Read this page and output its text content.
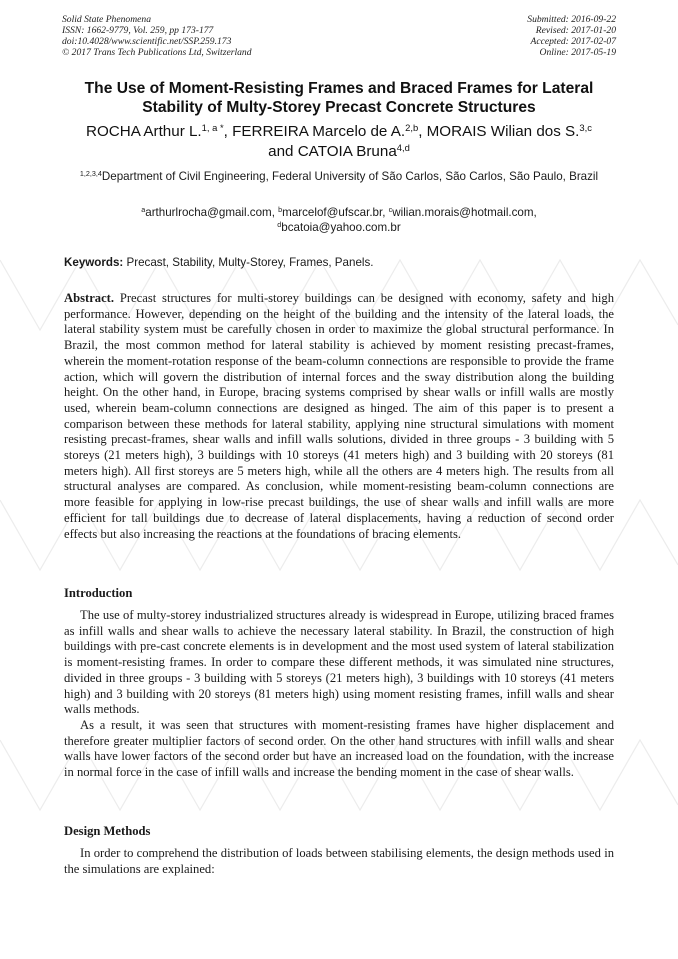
Solid State Phenomena
ISSN: 1662-9779, Vol. 259, pp 173-177
doi:10.4028/www.scientific.net/SSP.259.173
© 2017 Trans Tech Publications Ltd, Switzerland
Submitted: 2016-09-22
Revised: 2017-01-20
Accepted: 2017-02-07
Online: 2017-05-19
The Use of Moment-Resisting Frames and Braced Frames for Lateral
Stability of Multy-Storey Precast Concrete Structures
ROCHA Arthur L.$^{1, a *}$, FERREIRA Marcelo de A.$^{2,b}$, MORAIS Wilian dos S.$^{3,c}$
and CATOIA Bruna$^{4,d}$
$^{1,2,3,4}$Department of Civil Engineering, Federal University of São Carlos, São Carlos, São Paulo, Brazil
$^a$arthurlrocha@gmail.com, $^b$marcelof@ufscar.br, $^c$wilian.morais@hotmail.com,
$^d$bcatoia@yahoo.com.br
Keywords: Precast, Stability, Multy-Storey, Frames, Panels.
Abstract. Precast structures for multi-storey buildings can be designed with economy, safety and high performance. However, depending on the height of the building and the intensity of the lateral loads, the lateral stability system must be carefully chosen in order to maximize the global structural performance. In Brazil, the most common method for lateral stability is achieved by moment resisting precast-frames, wherein the moment-rotation response of the beam-column connections are responsible to provide the frame action, which will govern the distribution of internal forces and the sway distribution along the building height. On the other hand, in Europe, bracing systems comprised by shear walls or infill walls are mostly used, wherein beam-column connections are designed as hinged. The aim of this paper is to present a comparison between these methods for lateral stability, applying nine structural simulations with moment resisting precast-frames, shear walls and infill walls solutions, divided in three groups - 3 building with 5 storeys (21 meters high), 3 buildings with 10 storeys (41 meters high) and 3 building with 20 storeys (81 meters high). All first storeys are 5 meters high, while all the others are 4 meters high. The results from all structural analyses are compared. As conclusion, while moment-resisting beam-column connections are more feasible for applying in low-rise precast buildings, the use of shear walls and infill walls are more efficient for tall buildings due to decrease of lateral displacements, having a reduction of second order effects but also increasing the reactions at the foundations of bracing elements.
Introduction
The use of multy-storey industrialized structures already is widespread in Europe, utilizing braced frames as infill walls and shear walls to achieve the necessary lateral stability. In Brazil, the construction of high buildings with pre-cast concrete elements is in development and the most used system of lateral stabilization is moment-resisting frames. In order to compare these different methods, it was simulated nine structures, divided in three groups - 3 building with 5 storeys (21 meters high), 3 buildings with 10 storeys (41 meters high) and 3 building with 20 storeys (81 meters high) using moment resisting frames, infill walls and shear walls methods.
As a result, it was seen that structures with moment-resisting frames have higher displacement and therefore greater multiplier factors of second order. On the other hand structures with infill walls and shear walls have lower factors of the second order but have an increased load on the foundation, with the increase in normal force in the case of infill walls and increase the bending moment in the case of shear walls.
Design Methods
In order to comprehend the distribution of loads between stabilising elements, the design methods used in the simulations are explained:
